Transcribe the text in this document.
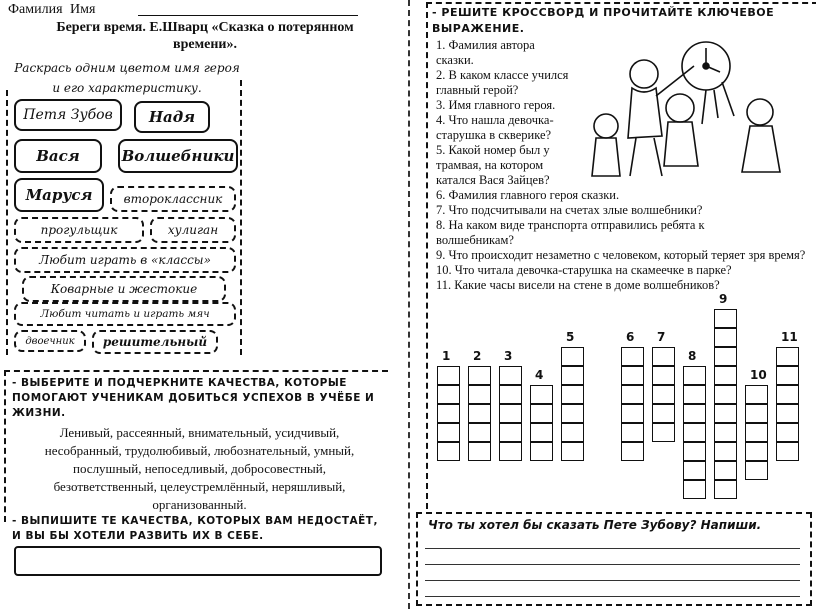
Фамилия Имя
Береги время. Е.Шварц «Сказка о потерянном времени».
Раскрась одним цветом имя героя и его характеристику.
Петя Зубов	Надя
Вася	Волшебники
Маруся	второклассник
прогульщик	хулиган
Любит играть в «классы»
Коварные и жестокие
Любит читать и играть мяч
двоечник	решительный
- ВЫБЕРИТЕ И ПОДЧЕРКНИТЕ КАЧЕСТВА, КОТОРЫЕ ПОМОГАЮТ УЧЕНИКАМ ДОБИТЬСЯ УСПЕХОВ В УЧЁБЕ И ЖИЗНИ.
Ленивый, рассеянный, внимательный, усидчивый, несобранный, трудолюбивый, любознательный, умный, послушный, непоседливый, добросовестный, безответственный, целеустремлённый, неряшливый, организованный.
- ВЫПИШИТЕ ТЕ КАЧЕСТВА, КОТОРЫХ ВАМ НЕДОСТАЁТ, И ВЫ БЫ ХОТЕЛИ РАЗВИТЬ ИХ В СЕБЕ.
- РЕШИТЕ КРОССВОРД И ПРОЧИТАЙТЕ КЛЮЧЕВОЕ ВЫРАЖЕНИЕ.
1. Фамилия автора сказки.
2. В каком классе учился главный герой?
3. Имя главного героя.
4. Что нашла девочка-старушка в скверике?
5. Какой номер был у трамвая, на котором катался Вася Зайцев?
6. Фамилия главного героя сказки.
7. Что подсчитывали на счетах злые волшебники?
8. На каком виде транспорта отправились ребята к волшебникам?
9. Что происходит незаметно с человеком, который теряет зря время?
10. Что читала девочка-старушка на скамеечке в парке?
11. Какие часы висели на стене в доме волшебников?
1 2 3
4
5	6 7
8
9
10
11
Что ты хотел бы сказать Пете Зубову? Напиши.
